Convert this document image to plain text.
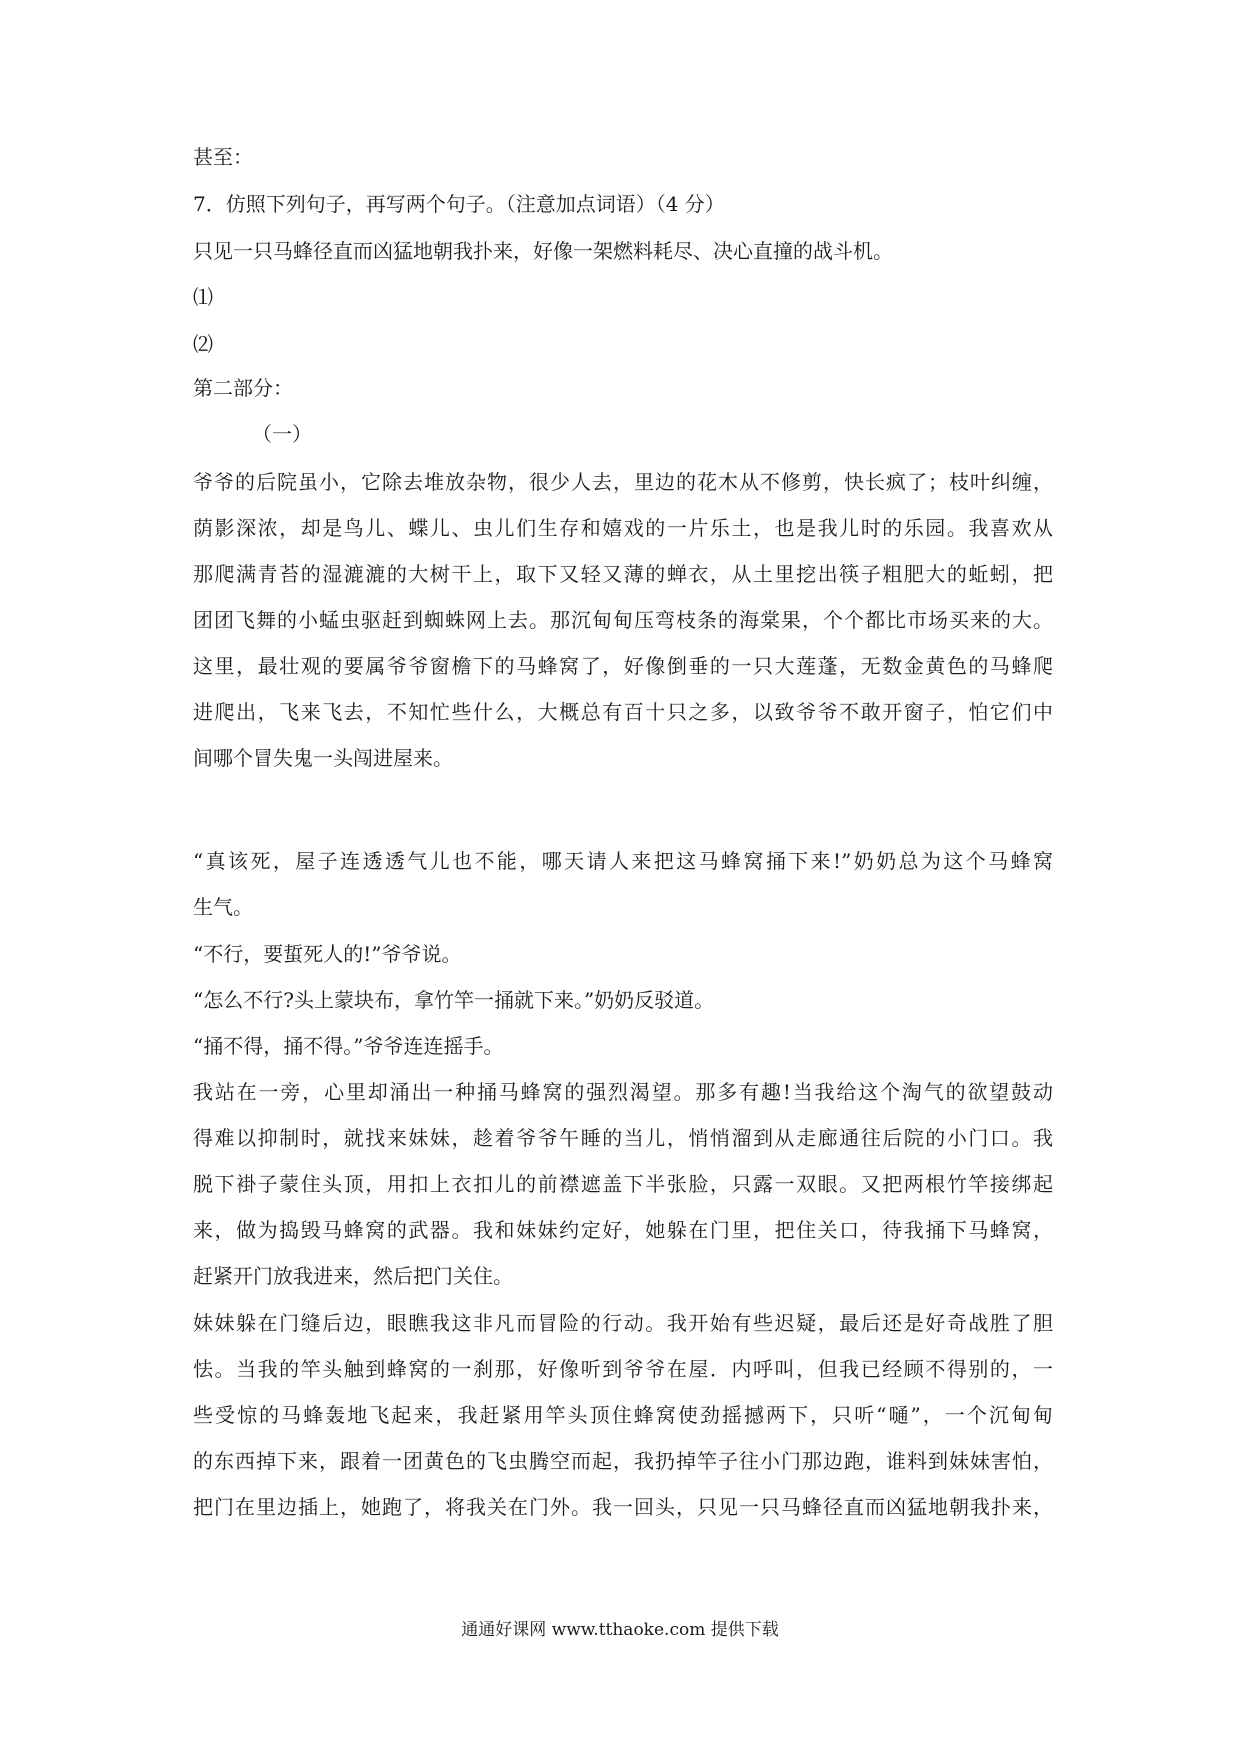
甚至：
7．仿照下列句子，再写两个句子。（注意加点词语）（4 分）
只见一只马蜂径直而凶猛地朝我扑来，好像一架燃料耗尽、决心直撞的战斗机。
⑴
⑵
第二部分：
（一）
爷爷的后院虽小，它除去堆放杂物，很少人去，里边的花木从不修剪，快长疯了；枝叶纠缠，
荫影深浓，却是鸟儿、蝶儿、虫儿们生存和嬉戏的一片乐土，也是我儿时的乐园。我喜欢从
那爬满青苔的湿漉漉的大树干上，取下又轻又薄的蝉衣，从土里挖出筷子粗肥大的蚯蚓，把
团团飞舞的小蜢虫驱赶到蜘蛛网上去。那沉甸甸压弯枝条的海棠果，个个都比市场买来的大。
这里，最壮观的要属爷爷窗檐下的马蜂窝了，好像倒垂的一只大莲蓬，无数金黄色的马蜂爬
进爬出，飞来飞去，不知忙些什么，大概总有百十只之多，以致爷爷不敢开窗子，怕它们中
间哪个冒失鬼一头闯进屋来。
“真该死，屋子连透透气儿也不能，哪天请人来把这马蜂窝捅下来!”奶奶总为这个马蜂窝
生气。
“不行，要蜇死人的!”爷爷说。
“怎么不行?头上蒙块布，拿竹竿一捅就下来。”奶奶反驳道。
“捅不得，捅不得。”爷爷连连摇手。
我站在一旁，心里却涌出一种捅马蜂窝的强烈渴望。那多有趣!当我给这个淘气的欲望鼓动
得难以抑制时，就找来妹妹，趁着爷爷午睡的当儿，悄悄溜到从走廊通往后院的小门口。我
脱下褂子蒙住头顶，用扣上衣扣儿的前襟遮盖下半张脸，只露一双眼。又把两根竹竿接绑起
来，做为捣毁马蜂窝的武器。我和妹妹约定好，她躲在门里，把住关口，待我捅下马蜂窝，
赶紧开门放我进来，然后把门关住。
妹妹躲在门缝后边，眼瞧我这非凡而冒险的行动。我开始有些迟疑，最后还是好奇战胜了胆
怯。当我的竿头触到蜂窝的一刹那，好像听到爷爷在屋．内呼叫，但我已经顾不得别的，一
些受惊的马蜂轰地飞起来，我赶紧用竿头顶住蜂窝使劲摇撼两下，只听“嗵”，一个沉甸甸
的东西掉下来，跟着一团黄色的飞虫腾空而起，我扔掉竿子往小门那边跑，谁料到妹妹害怕，
把门在里边插上，她跑了，将我关在门外。我一回头，只见一只马蜂径直而凶猛地朝我扑来，
通通好课网 www.tthaoke.com 提供下载
